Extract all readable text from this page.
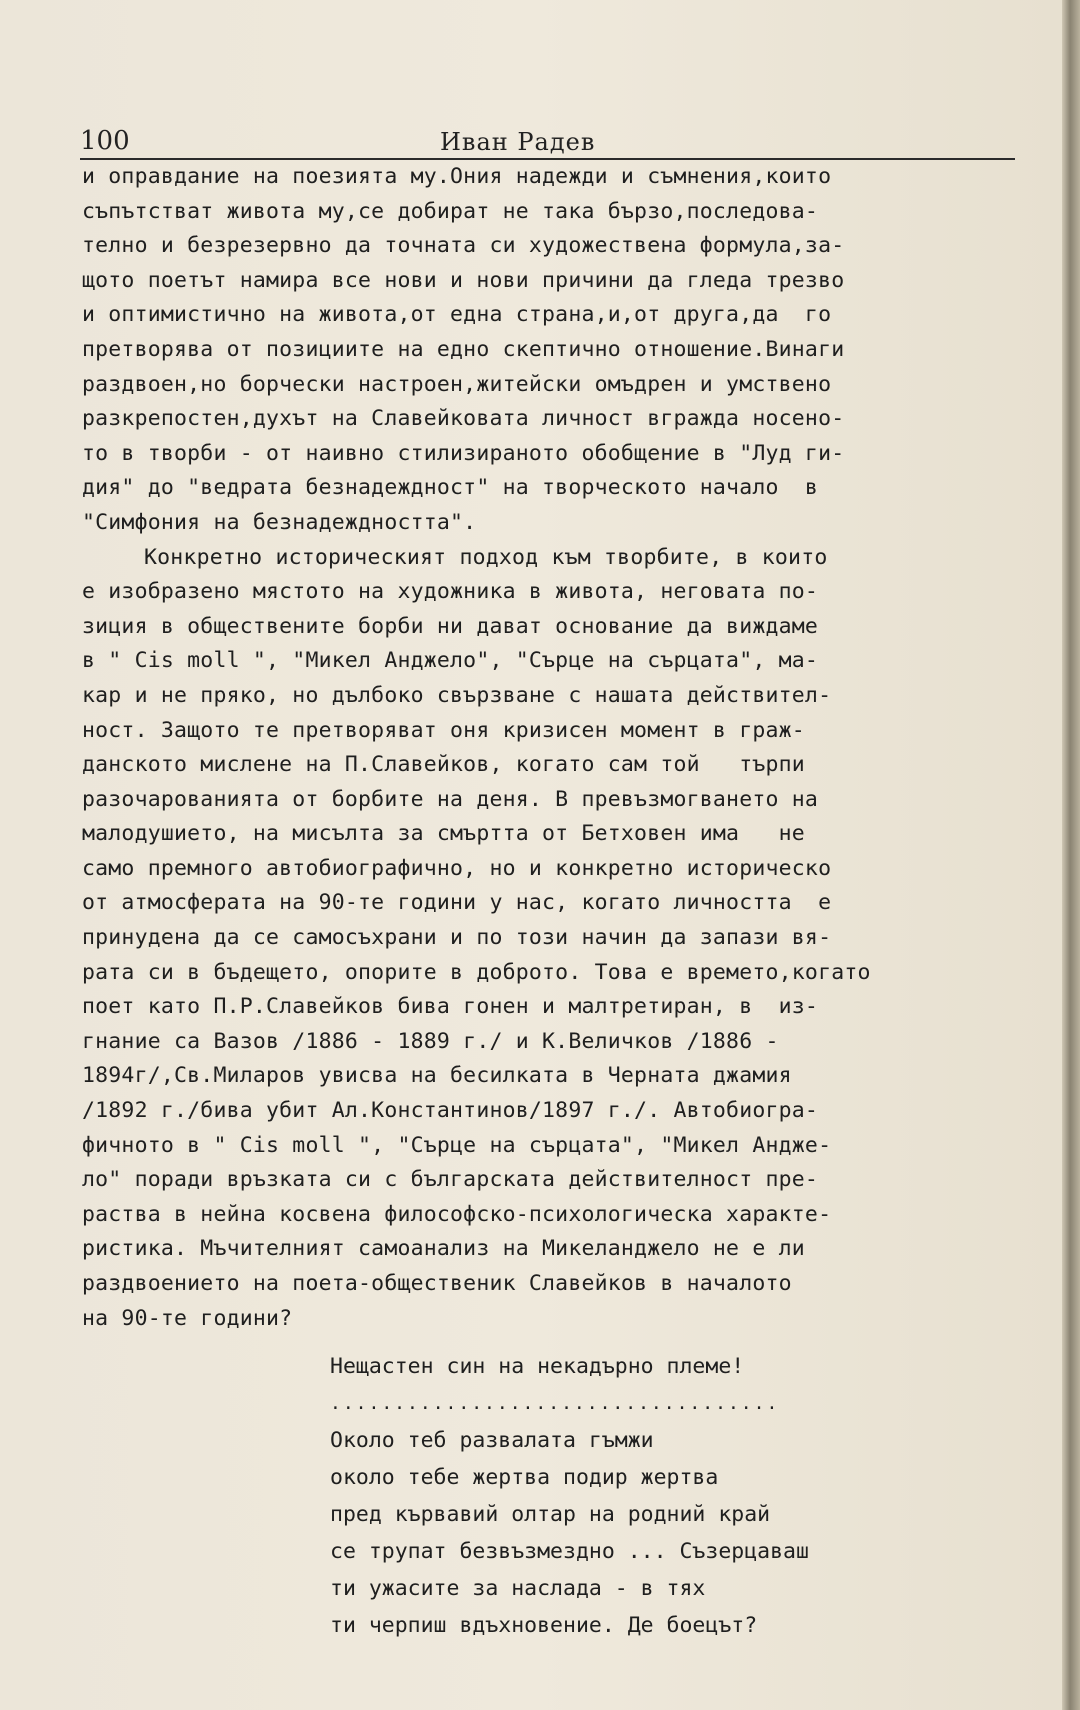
100	Иван Радев
и оправдание на поезията му.Ония надежди и съмнения,които
съпътстват живота му,се добират не така бързо,последова-
телно и безрезервно да точната си художествена формула,за-
щото поетът намира все нови и нови причини да гледа трезво
и оптимистично на живота,от една страна,и,от друга,да  го
претворява от позициите на едно скептично отношение.Винаги
раздвоен,но борчески настроен,житейски омъдрен и умствено
разкрепостен,духът на Славейковата личност вгражда носено-
то в творби - от наивно стилизираното обобщение в "Луд ги-
дия" до "ведрата безнадеждност" на творческото начало  в
"Симфония на безнадеждността".
Конкретно историческият подход към творбите, в които
е изобразено мястото на художника в живота, неговата по-
зиция в обществените борби ни дават основание да виждаме
в " Cis moll ", "Микел Анджело", "Сърце на сърцата", ма-
кар и не пряко, но дълбоко свързване с нашата действител-
ност. Защото те претворяват оня кризисен момент в граж-
данското мислене на П.Славейков, когато сам той   търпи
разочарованията от борбите на деня. В превъзмогването на
малодушието, на мисълта за смъртта от Бетховен има   не
само премного автобиографично, но и конкретно историческо
от атмосферата на 90-те години у нас, когато личността  е
принудена да се самосъхрани и по този начин да запази вя-
рата си в бъдещето, опорите в доброто. Това е времето,когато
поет като П.Р.Славейков бива гонен и малтретиран, в  из-
гнание са Вазов /1886 - 1889 г./ и К.Величков /1886 -
1894г/,Св.Миларов увисва на бесилката в Черната джамия
/1892 г./бива убит Ал.Константинов/1897 г./. Автобиогра-
фичното в " Cis moll ", "Сърце на сърцата", "Микел Андже-
ло" поради връзката си с българската действителност пре-
раства в нейна косвена философско-психологическа характе-
ристика. Мъчителният самоанализ на Микеланджело не е ли
раздвоението на поета-общественик Славейков в началото
на 90-те години?
Нещастен син на некадърно племе!
...................................
Около теб развалата гъмжи
около тебе жертва подир жертва
пред кървавий олтар на родний край
се трупат безвъзмездно ... Съзерцаваш
ти ужасите за наслада - в тях
ти черпиш вдъхновение. Де боецът?
